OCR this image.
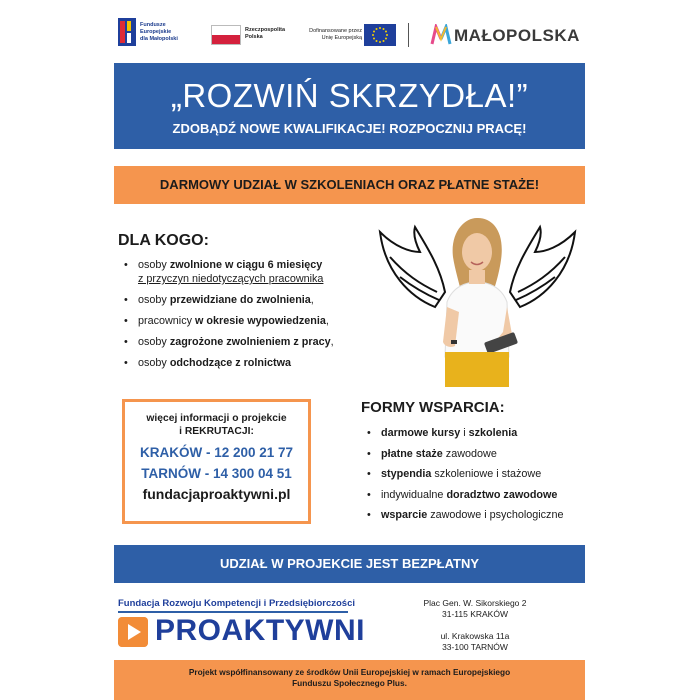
Fundusze Europejskie
dla Małopolski
Rzeczpospolita
Polska
Dofinansowane przez
Unię Europejską	MAŁOPOLSKA
„ROZWIŃ SKRZYDŁA!”
ZDOBĄDŹ NOWE KWALIFIKACJE! ROZPOCZNIJ PRACĘ!
DARMOWY UDZIAŁ W SZKOLENIACH ORAZ PŁATNE STAŻE!
DLA KOGO:
• osoby zwolnione w ciągu 6 miesięcy
z przyczyn niedotyczących pracownika
• osoby przewidziane do zwolnienia,
• pracownicy w okresie wypowiedzenia,
• osoby zagrożone zwolnieniem z pracy,
• osoby odchodzące z rolnictwa
więcej informacji o projekcie
i REKRUTACJI:
KRAKÓW - 12 200 21 77
TARNÓW - 14 300 04 51
fundacjaproaktywni.pl
FORMY WSPARCIA:
• darmowe kursy i szkolenia
• płatne staże zawodowe
• stypendia szkoleniowe i stażowe
• indywidualne doradztwo zawodowe
• wsparcie zawodowe i psychologiczne
UDZIAŁ W PROJEKCIE JEST BEZPŁATNY
Fundacja Rozwoju Kompetencji i Przedsiębiorczości
PROAKTYWNI
Plac Gen. W. Sikorskiego 2
31-115 KRAKÓW
ul. Krakowska 11a
33-100 TARNÓW
Projekt współfinansowany ze środków Unii Europejskiej w ramach Europejskiego
Funduszu Społecznego Plus.
